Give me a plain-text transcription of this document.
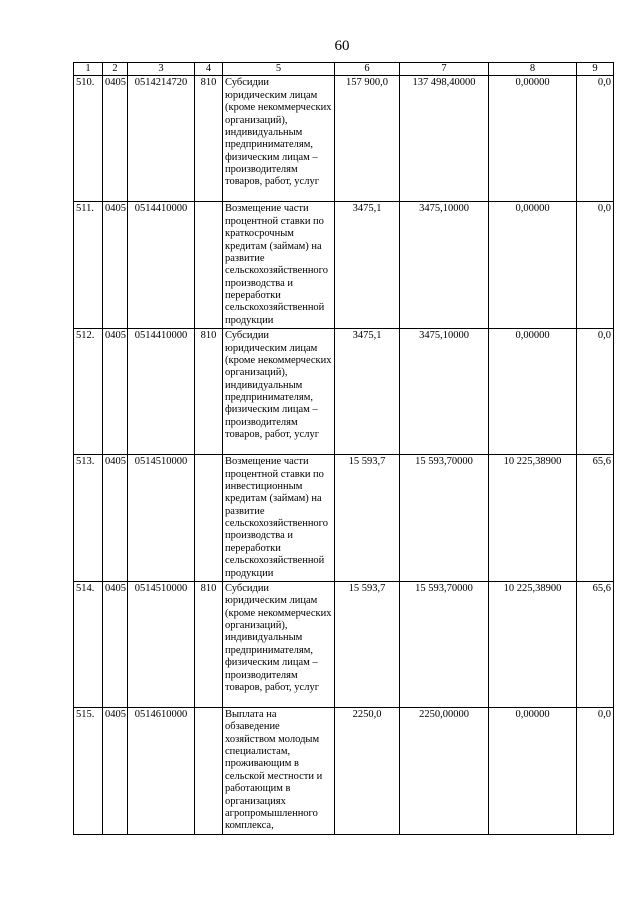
60
1	2	3	4	5	6	7	8	9
510.	0405	0514214720	810	Субсидии юридическим лицам (кроме некоммерческих организаций), индивидуальным предпринимателям, физическим лицам – производителям товаров, работ, услуг	157 900,0	137 498,40000	0,00000	0,0
511.	0405	0514410000		Возмещение части процентной ставки по краткосрочным кредитам (займам) на развитие сельскохозяйственного производства и переработки сельскохозяйственной продукции	3475,1	3475,10000	0,00000	0,0
512.	0405	0514410000	810	Субсидии юридическим лицам (кроме некоммерческих организаций), индивидуальным предпринимателям, физическим лицам – производителям товаров, работ, услуг	3475,1	3475,10000	0,00000	0,0
513.	0405	0514510000		Возмещение части процентной ставки по инвестиционным кредитам (займам) на развитие сельскохозяйственного производства и переработки сельскохозяйственной продукции	15 593,7	15 593,70000	10 225,38900	65,6
514.	0405	0514510000	810	Субсидии юридическим лицам (кроме некоммерческих организаций), индивидуальным предпринимателям, физическим лицам – производителям товаров, работ, услуг	15 593,7	15 593,70000	10 225,38900	65,6
515.	0405	0514610000		Выплата на обзаведение хозяйством молодым специалистам, проживающим в сельской местности и работающим в организациях агропромышленного комплекса,	2250,0	2250,00000	0,00000	0,0
